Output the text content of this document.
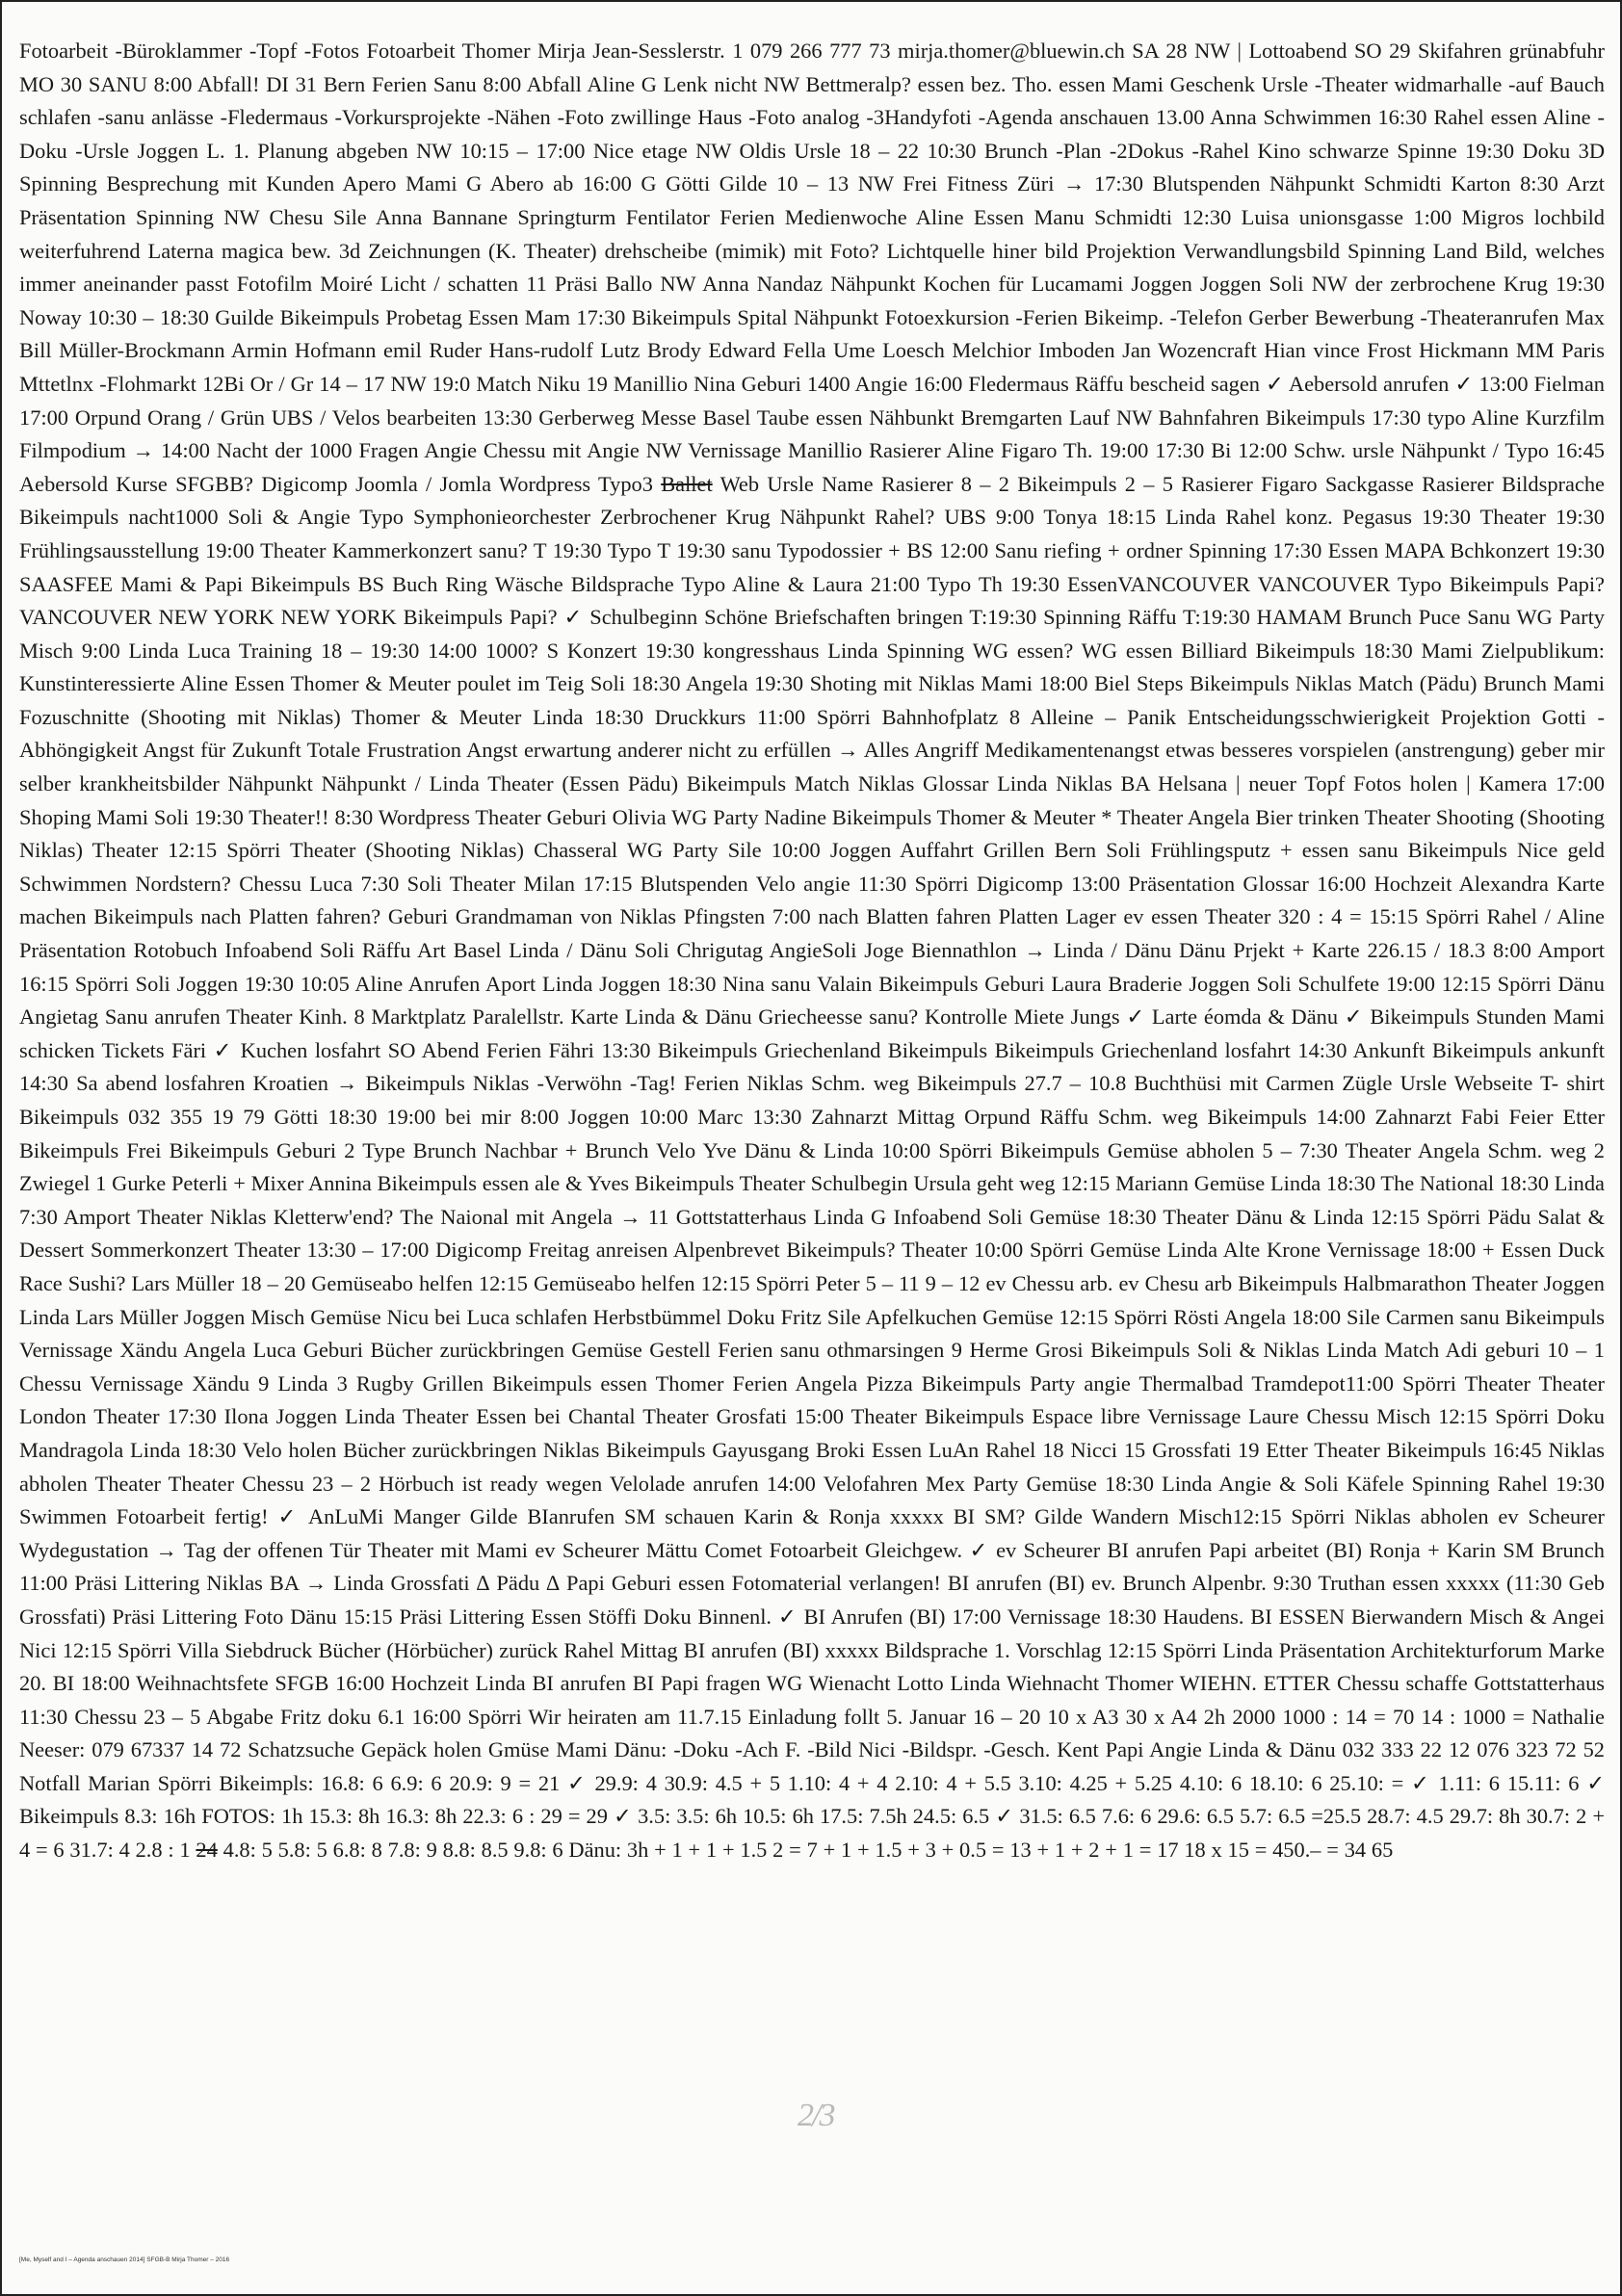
Fotoarbeit -Büroklammer -Topf -Fotos Fotoarbeit Thomer Mirja Jean-Sesslerstr. 1 079 266 777 73 mirja.thomer@bluewin.ch SA 28 NW | Lottoabend SO 29 Skifahren grünabfuhr MO 30 SANU 8:00 Abfall! DI 31 Bern Ferien Sanu 8:00 Abfall Aline G Lenk nicht NW Bettmeralp? essen bez. Tho. essen Mami Geschenk Ursle -Theater widmarhalle -auf Bauch schlafen -sanu anlässe -Fledermaus -Vorkursprojekte -Nähen -Foto zwillinge Haus -Foto analog -3Handyfoti -Agenda anschauen 13.00 Anna Schwimmen 16:30 Rahel essen Aline -Doku -Ursle Joggen L. 1. Planung abgeben NW 10:15 – 17:00 Nice etage NW Oldis Ursle 18 – 22 10:30 Brunch -Plan -2Dokus -Rahel Kino schwarze Spinne 19:30 Doku 3D Spinning Besprechung mit Kunden Apero Mami G Abero ab 16:00 G Götti Gilde 10 – 13 NW Frei Fitness Züri → 17:30 Blutspenden Nähpunkt Schmidti Karton 8:30 Arzt Präsentation Spinning NW Chesu Sile Anna Bannane Springturm Fentilator Ferien Medienwoche Aline Essen Manu Schmidti 12:30 Luisa unionsgasse 1:00 Migros lochbild weiterfuhrend Laterna magica bew. 3d Zeichnungen (K. Theater) drehscheibe (mimik) mit Foto? Lichtquelle hiner bild Projektion Verwandlungsbild Spinning Land Bild, welches immer aneinander passt Fotofilm Moiré Licht / schatten 11 Präsi Ballo NW Anna Nandaz Nähpunkt Kochen für Lucamami Joggen Joggen Soli NW der zerbrochene Krug 19:30 Noway 10:30 – 18:30 Guilde Bikeimpuls Probetag Essen Mam 17:30 Bikeimpuls Spital Nähpunkt Fotoexkursion -Ferien Bikeimp. -Telefon Gerber Bewerbung -Theateranrufen Max Bill Müller-Brockmann Armin Hofmann emil Ruder Hans-rudolf Lutz Brody Edward Fella Ume Loesch Melchior Imboden Jan Wozencraft Hian vince Frost Hickmann MM Paris Mttetlnx -Flohmarkt 12Bi Or / Gr 14 – 17 NW 19:0 Match Niku 19 Manillio Nina Geburi 1400 Angie 16:00 Fledermaus Räffu bescheid sagen ✓ Aebersold anrufen ✓ 13:00 Fielman 17:00 Orpund Orang / Grün UBS / Velos bearbeiten 13:30 Gerberweg Messe Basel Taube essen Nähbunkt Bremgarten Lauf NW Bahnfahren Bikeimpuls 17:30 typo Aline Kurzfilm Filmpodium → 14:00 Nacht der 1000 Fragen Angie Chessu mit Angie NW Vernissage Manillio Rasierer Aline Figaro Th. 19:00 17:30 Bi 12:00 Schw. ursle Nähpunkt / Typo 16:45 Aebersold Kurse SFGBB? Digicomp Joomla / Jomla Wordpress Typo3 Ballet Web Ursle Name Rasierer 8 – 2 Bikeimpuls 2 – 5 Rasierer Figaro Sackgasse Rasierer Bildsprache Bikeimpuls nacht1000 Soli & Angie Typo Symphonieorchester Zerbrochener Krug Nähpunkt Rahel? UBS 9:00 Tonya 18:15 Linda Rahel konz. Pegasus 19:30 Theater 19:30 Frühlingsausstellung 19:00 Theater Kammerkonzert sanu? T 19:30 Typo T 19:30 sanu Typodossier + BS 12:00 Sanu riefing + ordner Spinning 17:30 Essen MAPA Bchkonzert 19:30 SAASFEE Mami & Papi Bikeimpuls BS Buch Ring Wäsche Bildsprache Typo Aline & Laura 21:00 Typo Th 19:30 EssenVANCOUVER VANCOUVER Typo Bikeimpuls Papi? VANCOUVER NEW YORK NEW YORK Bikeimpuls Papi? ✓ Schulbeginn Schöne Briefschaften bringen T:19:30 Spinning Räffu T:19:30 HAMAM Brunch Puce Sanu WG Party Misch 9:00 Linda Luca Training 18 – 19:30 14:00 1000? S Konzert 19:30 kongresshaus Linda Spinning WG essen? WG essen Billiard Bikeimpuls 18:30 Mami Zielpublikum: Kunstinteressierte Aline Essen Thomer & Meuter poulet im Teig Soli 18:30 Angela 19:30 Shoting mit Niklas Mami 18:00 Biel Steps Bikeimpuls Niklas Match (Pädu) Brunch Mami Fozuschnitte (Shooting mit Niklas) Thomer & Meuter Linda 18:30 Druckkurs 11:00 Spörri Bahnhofplatz 8 Alleine – Panik Entscheidungsschwierigkeit Projektion Gotti -Abhöngigkeit Angst für Zukunft Totale Frustration Angst erwartung anderer nicht zu erfüllen → Alles Angriff Medikamentenangst etwas besseres vorspielen (anstrengung) geber mir selber krankheitsbilder Nähpunkt Nähpunkt / Linda Theater (Essen Pädu) Bikeimpuls Match Niklas Glossar Linda Niklas BA Helsana | neuer Topf Fotos holen | Kamera 17:00 Shoping Mami Soli 19:30 Theater!! 8:30 Wordpress Theater Geburi Olivia WG Party Nadine Bikeimpuls Thomer & Meuter * Theater Angela Bier trinken Theater Shooting (Shooting Niklas) Theater 12:15 Spörri Theater (Shooting Niklas) Chasseral WG Party Sile 10:00 Joggen Auffahrt Grillen Bern Soli Frühlingsputz + essen sanu Bikeimpuls Nice geld Schwimmen Nordstern? Chessu Luca 7:30 Soli Theater Milan 17:15 Blutspenden Velo angie 11:30 Spörri Digicomp 13:00 Präsentation Glossar 16:00 Hochzeit Alexandra Karte machen Bikeimpuls nach Platten fahren? Geburi Grandmaman von Niklas Pfingsten 7:00 nach Blatten fahren Platten Lager ev essen Theater 320 : 4 = 15:15 Spörri Rahel / Aline Präsentation Rotobuch Infoabend Soli Räffu Art Basel Linda / Dänu Soli Chrigutag AngieSoli Joge Biennathlon → Linda / Dänu Dänu Prjekt + Karte 226.15 / 18.3 8:00 Amport 16:15 Spörri Soli Joggen 19:30 10:05 Aline Anrufen Aport Linda Joggen 18:30 Nina sanu Valain Bikeimpuls Geburi Laura Braderie Joggen Soli Schulfete 19:00 12:15 Spörri Dänu Angietag Sanu anrufen Theater Kinh. 8 Marktplatz Paralellstr. Karte Linda & Dänu Griecheesse sanu? Kontrolle Miete Jungs ✓ Larte éomda & Dänu ✓ Bikeimpuls Stunden Mami schicken Tickets Färi ✓ Kuchen losfahrt SO Abend Ferien Fähri 13:30 Bikeimpuls Griechenland Bikeimpuls Bikeimpuls Griechenland losfahrt 14:30 Ankunft Bikeimpuls ankunft 14:30 Sa abend losfahren Kroatien → Bikeimpuls Niklas -Verwöhn -Tag! Ferien Niklas Schm. weg Bikeimpuls 27.7 – 10.8 Buchthüsi mit Carmen Zügle Ursle Webseite T- shirt Bikeimpuls 032 355 19 79 Götti 18:30 19:00 bei mir 8:00 Joggen 10:00 Marc 13:30 Zahnarzt Mittag Orpund Räffu Schm. weg Bikeimpuls 14:00 Zahnarzt Fabi Feier Etter Bikeimpuls Frei Bikeimpuls Geburi 2 Type Brunch Nachbar + Brunch Velo Yve Dänu & Linda 10:00 Spörri Bikeimpuls Gemüse abholen 5 – 7:30 Theater Angela Schm. weg 2 Zwiegel 1 Gurke Peterli + Mixer Annina Bikeimpuls essen ale & Yves Bikeimpuls Theater Schulbegin Ursula geht weg 12:15 Mariann Gemüse Linda 18:30 The National 18:30 Linda 7:30 Amport Theater Niklas Kletterw'end? The Naional mit Angela → 11 Gottstatterhaus Linda G Infoabend Soli Gemüse 18:30 Theater Dänu & Linda 12:15 Spörri Pädu Salat & Dessert Sommerkonzert Theater 13:30 – 17:00 Digicomp Freitag anreisen Alpenbrevet Bikeimpuls? Theater 10:00 Spörri Gemüse Linda Alte Krone Vernissage 18:00 + Essen Duck Race Sushi? Lars Müller 18 – 20 Gemüseabo helfen 12:15 Gemüseabo helfen 12:15 Spörri Peter 5 – 11 9 – 12 ev Chessu arb. ev Chesu arb Bikeimpuls Halbmarathon Theater Joggen Linda Lars Müller Joggen Misch Gemüse Nicu bei Luca schlafen Herbstbümmel Doku Fritz Sile Apfelkuchen Gemüse 12:15 Spörri Rösti Angela 18:00 Sile Carmen sanu Bikeimpuls Vernissage Xändu Angela Luca Geburi Bücher zurückbringen Gemüse Gestell Ferien sanu othmarsingen 9 Herme Grosi Bikeimpuls Soli & Niklas Linda Match Adi geburi 10 – 1 Chessu Vernissage Xändu 9 Linda 3 Rugby Grillen Bikeimpuls essen Thomer Ferien Angela Pizza Bikeimpuls Party angie Thermalbad Tramdepot11:00 Spörri Theater Theater London Theater 17:30 Ilona Joggen Linda Theater Essen bei Chantal Theater Grosfati 15:00 Theater Bikeimpuls Espace libre Vernissage Laure Chessu Misch 12:15 Spörri Doku Mandragola Linda 18:30 Velo holen Bücher zurückbringen Niklas Bikeimpuls Gayusgang Broki Essen LuAn Rahel 18 Nicci 15 Grossfati 19 Etter Theater Bikeimpuls 16:45 Niklas abholen Theater Theater Chessu 23 – 2 Hörbuch ist ready wegen Velolade anrufen 14:00 Velofahren Mex Party Gemüse 18:30 Linda Angie & Soli Käfele Spinning Rahel 19:30 Swimmen Fotoarbeit fertig! ✓ AnLuMi Manger Gilde BIanrufen SM schauen Karin & Ronja xxxxx BI SM? Gilde Wandern Misch12:15 Spörri Niklas abholen ev Scheurer Wydegustation → Tag der offenen Tür Theater mit Mami ev Scheurer Mättu Comet Fotoarbeit Gleichgew. ✓ ev Scheurer BI anrufen Papi arbeitet (BI) Ronja + Karin SM Brunch 11:00 Präsi Littering Niklas BA → Linda Grossfati ∆ Pädu ∆ Papi Geburi essen Fotomaterial verlangen! BI anrufen (BI) ev. Brunch Alpenbr. 9:30 Truthan essen xxxxx (11:30 Geb Grossfati) Präsi Littering Foto Dänu 15:15 Präsi Littering Essen Stöffi Doku Binnenl. ✓ BI Anrufen (BI) 17:00 Vernissage 18:30 Haudens. BI ESSEN Bierwandern Misch & Angei Nici 12:15 Spörri Villa Siebdruck Bücher (Hörbücher) zurück Rahel Mittag BI anrufen (BI) xxxxx Bildsprache 1. Vorschlag 12:15 Spörri Linda Präsentation Architekturforum Marke 20. BI 18:00 Weihnachtsfete SFGB 16:00 Hochzeit Linda BI anrufen BI Papi fragen WG Wienacht Lotto Linda Wiehnacht Thomer WIEHN. ETTER Chessu schaffe Gottstatterhaus 11:30 Chessu 23 – 5 Abgabe Fritz doku 6.1 16:00 Spörri Wir heiraten am 11.7.15 Einladung follt 5. Januar 16 – 20 10 x A3 30 x A4 2h 2000 1000 : 14 = 70 14 : 1000 = Nathalie Neeser: 079 67337 14 72 Schatzsuche Gepäck holen Gmüse Mami Dänu: -Doku -Ach F. -Bild Nici -Bildspr. -Gesch. Kent Papi Angie Linda & Dänu 032 333 22 12 076 323 72 52 Notfall Marian Spörri Bikeimpls: 16.8: 6 6.9: 6 20.9: 9 = 21 ✓ 29.9: 4 30.9: 4.5 + 5 1.10: 4 + 4 2.10: 4 + 5.5 3.10: 4.25 + 5.25 4.10: 6 18.10: 6 25.10: = ✓ 1.11: 6 15.11: 6 ✓ Bikeimpuls 8.3: 16h FOTOS: 1h 15.3: 8h 16.3: 8h 22.3: 6 : 29 = 29 ✓ 3.5: 3.5: 6h 10.5: 6h 17.5: 7.5h 24.5: 6.5 ✓ 31.5: 6.5 7.6: 6 29.6: 6.5 5.7: 6.5 =25.5 28.7: 4.5 29.7: 8h 30.7: 2 + 4 = 6 31.7: 4 2.8 : 1 24 4.8: 5 5.8: 5 6.8: 8 7.8: 9 8.8: 8.5 9.8: 6 Dänu: 3h + 1 + 1 + 1.5 2 = 7 + 1 + 1.5 + 3 + 0.5 = 13 + 1 + 2 + 1 = 17 18 x 15 = 450.– = 34 65

2/3
[Me, Myself and I – Agenda anschauen 2014] SFGB-B Mirja Thomer – 2016
